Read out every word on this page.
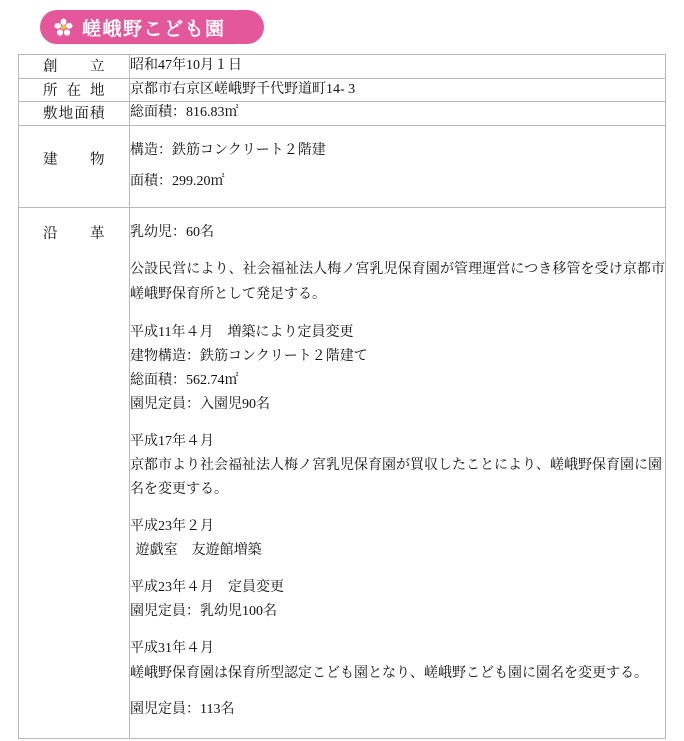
嵯峨野こども園
創　立	昭和47年10月１日

所 在 地	京都市右京区嵯峨野千代野道町14- 3

敷地面積	総面積：816.83㎡

建　物	構造：鉄筋コンクリート２階建
面積：299.20㎡

沿　革	乳幼児：60名
公設民営により、社会福祉法人梅ノ宮乳児保育園が管理運営につき移管を受け京都市嵯峨野保育所として発足する。
平成11年４月　増築により定員変更
建物構造：鉄筋コンクリート２階建て
総面積：562.74㎡
園児定員：入園児90名
平成17年４月
京都市より社会福祉法人梅ノ宮乳児保育園が買収したことにより、嵯峨野保育園に園名を変更する。
平成23年２月
遊戯室　友遊館増築
平成23年４月　定員変更
園児定員：乳幼児100名
平成31年４月
嵯峨野保育園は保育所型認定こども園となり、嵯峨野こども園に園名を変更する。
園児定員：113名
